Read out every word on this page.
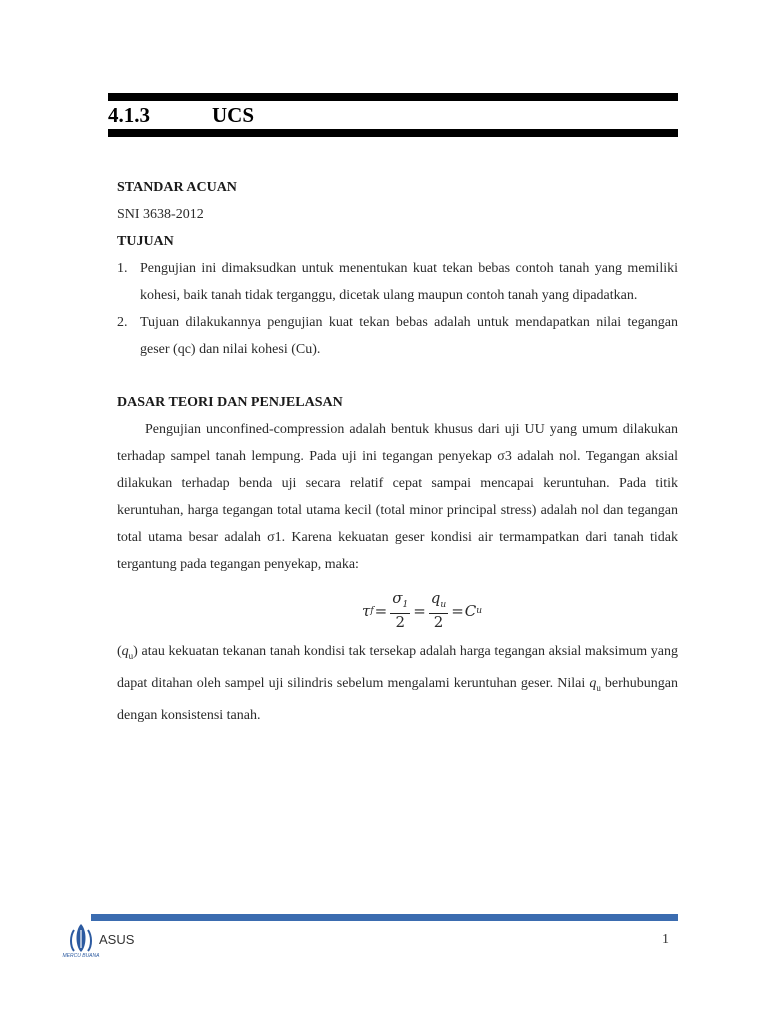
4.1.3	UCS
STANDAR ACUAN
SNI 3638-2012
TUJUAN
1. Pengujian ini dimaksudkan untuk menentukan kuat tekan bebas contoh tanah yang memiliki kohesi, baik tanah tidak terganggu, dicetak ulang maupun contoh tanah yang dipadatkan.
2. Tujuan dilakukannya pengujian kuat tekan bebas adalah untuk mendapatkan nilai tegangan geser (qc) dan nilai kohesi (Cu).
DASAR TEORI DAN PENJELASAN
Pengujian unconfined-compression adalah bentuk khusus dari uji UU yang umum dilakukan terhadap sampel tanah lempung. Pada uji ini tegangan penyekap σ3 adalah nol. Tegangan aksial dilakukan terhadap benda uji secara relatif cepat sampai mencapai keruntuhan. Pada titik keruntuhan, harga tegangan total utama kecil (total minor principal stress) adalah nol dan tegangan total utama besar adalah σ1. Karena kekuatan geser kondisi air termampatkan dari tanah tidak tergantung pada tegangan penyekap, maka:
τ $f = \frac{\sigma_1}{2} = \frac{q_u}{2} = C$ u
$(q_u)$ atau kekuatan tekanan tanah kondisi tak tersekap adalah harga tegangan aksial maksimum yang dapat ditahan oleh sampel uji silindris sebelum mengalami keruntuhan geser. Nilai $q_u$ berhubungan dengan konsistensi tanah.
MERCU BUANA
ASUS	1
